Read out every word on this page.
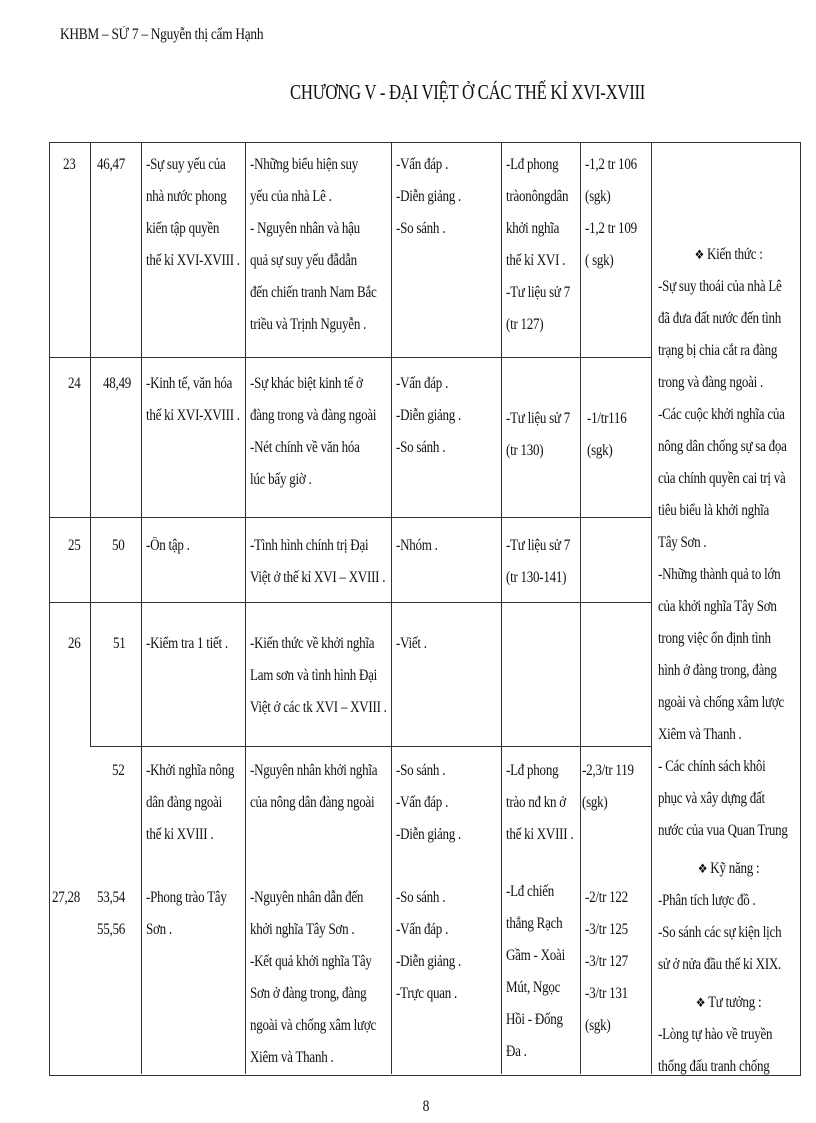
KHBM – SỬ 7 – Nguyễn thị cẩm Hạnh
CHƯƠNG V - ĐẠI VIỆT Ở CÁC THẾ KỈ XVI-XVIII
23 46,47 -Sự suy yếu của
nhà nước phong
kiến tập quyền
thế kỉ XVI-XVIII .
-Những biểu hiện suy
yếu của nhà Lê .
- Nguyên nhân và hậu
quả sự suy yếu đẫdẫn
đến chiến tranh Nam Bắc
triều và Trịnh Nguyễn .
-Vấn đáp .
-Diễn giảng .
-So sánh .
-Lđ phong
tràonôngdân
khởi nghĩa
thế kỉ XVI .
-Tư liệu sử 7
(tr 127)
-1,2 tr 106
(sgk)
-1,2 tr 109
( sgk)
24 48,49 -Kinh tế, văn hóa
thế kỉ XVI-XVIII .
-Sự khác biệt kinh tế ở
đàng trong và đàng ngoài
-Nét chính về văn hóa
lúc bấy giờ .
-Vấn đáp .
-Diễn giảng .
-So sánh .
-Tư liệu sử 7
(tr 130)
-1/tr116
(sgk)
25 50 -Ôn tập .	-Tình hình chính trị Đại
Việt ở thế kỉ XVI – XVIII .
-Nhóm .	-Tư liệu sử 7
(tr 130-141)
26 51 -Kiểm tra 1 tiết . -Kiến thức về khởi nghĩa
Lam sơn và tình hình Đại
Việt ở các tk XVI – XVIII .
-Viết .
52 -Khởi nghĩa nông
dân đàng ngoài
thế kỉ XVIII .
-Nguyên nhân khởi nghĩa
của nông dân đàng ngoài
-So sánh .
-Vấn đáp .
-Diễn giảng .
-Lđ phong
trào nđ kn ở
thế kỉ XVIII .
-2,3/tr 119
(sgk)
27,28 53,54
55,56
-Phong trào Tây
Sơn .
-Nguyên nhân dẫn đến
khởi nghĩa Tây Sơn .
-Kết quả khởi nghĩa Tây
Sơn ở đàng trong, đàng
ngoài và chống xâm lược
Xiêm và Thanh .
-So sánh .
-Vấn đáp .
-Diễn giảng .
-Trực quan .
-Lđ chiến
thắng Rạch
Gầm - Xoài
Mút, Ngọc
Hồi - Đống
Đa .
-2/tr 122
-3/tr 125
-3/tr 127
-3/tr 131
(sgk)

❖ Kiến thức :
-Sự suy thoái của nhà Lê
đã đưa đất nước đến tình
trạng bị chia cắt ra đàng
trong và đàng ngoài .
-Các cuộc khởi nghĩa của
nông dân chống sự sa đọa
của chính quyền cai trị và
tiêu biểu là khởi nghĩa
Tây Sơn .
-Những thành quả to lớn
của khởi nghĩa Tây Sơn
trong việc ổn định tình
hình ở đàng trong, đàng
ngoài và chống xâm lược
Xiêm và Thanh .
- Các chính sách khôi
phục và xây dựng đất
nước của vua Quan Trung

❖ Kỹ năng :
-Phân tích lược đồ .
-So sánh các sự kiện lịch
sử ở nửa đầu thế kỉ XIX.

❖ Tư tưởng :
-Lòng tự hào về truyền
thống đấu tranh chống

8
